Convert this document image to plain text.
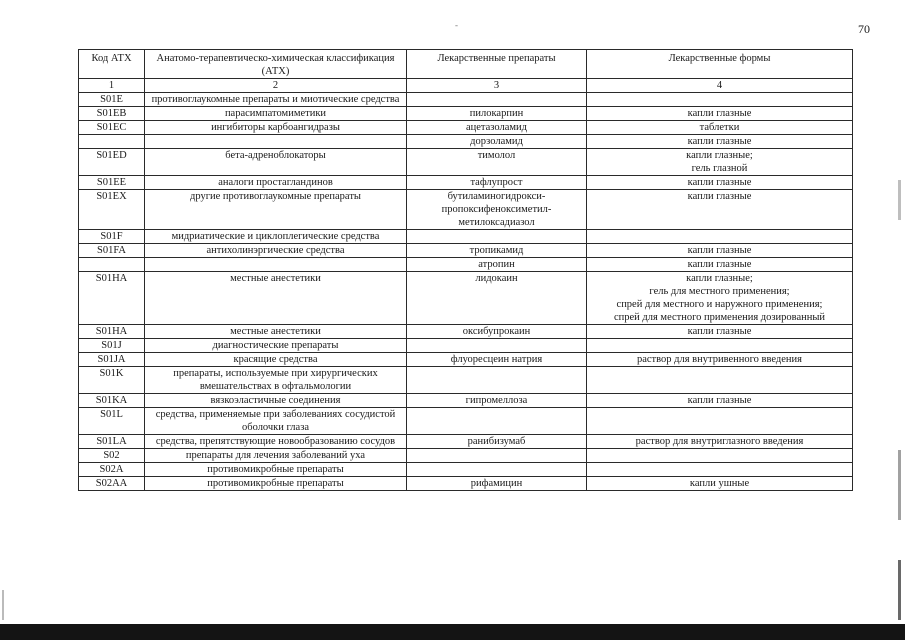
70
-
Код АТХ	Анатомо-терапевтическо-химическая классификация (АТХ)	Лекарственные препараты	Лекарственные формы
1	2	3	4
S01E	противоглаукомные препараты и миотические средства		
S01EB	парасимпатомиметики	пилокарпин	капли глазные
S01EC	ингибиторы карбоангидразы	ацетазоламид	таблетки
		дорзоламид	капли глазные
S01ED	бета-адреноблокаторы	тимолол	капли глазные;
гель глазной
S01EE	аналоги простагландинов	тафлупрост	капли глазные
S01EX	другие противоглаукомные препараты	бутиламиногидрокси-
пропоксифеноксиметил-
метилоксадиазол	капли глазные
S01F	мидриатические и циклоплегические средства		
S01FA	антихолинэргические средства	тропикамид	капли глазные
		атропин	капли глазные
S01HA	местные анестетики	лидокаин	капли глазные;
гель для местного применения;
спрей для местного и наружного применения;
спрей для местного применения дозированный
S01HA	местные анестетики	оксибупрокаин	капли глазные
S01J	диагностические препараты		
S01JA	красящие средства	флуоресцеин натрия	раствор для внутривенного введения
S01K	препараты, используемые при хирургических вмешательствах в офтальмологии		
S01KA	вязкоэластичные соединения	гипромеллоза	капли глазные
S01L	средства, применяемые при заболеваниях сосудистой оболочки глаза		
S01LA	средства, препятствующие новообразованию сосудов	ранибизумаб	раствор для внутриглазного введения
S02	препараты для лечения заболеваний уха		
S02A	противомикробные препараты		
S02AA	противомикробные препараты	рифамицин	капли ушные
